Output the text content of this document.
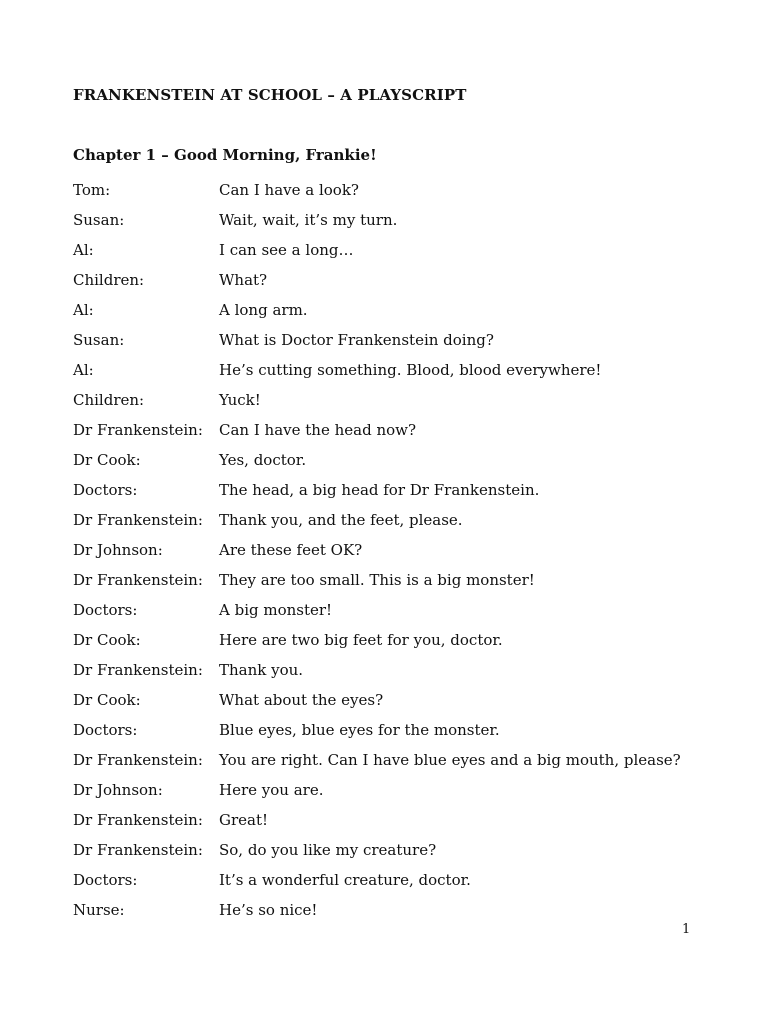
FRANKENSTEIN AT SCHOOL – A PLAYSCRIPT
Chapter 1 – Good Morning, Frankie!
Tom:	Can I have a look?
Susan:	Wait, wait, it’s my turn.
Al:	I can see a long…
Children:	What?
Al:	A long arm.
Susan:	What is Doctor Frankenstein doing?
Al:	He’s cutting something. Blood, blood everywhere!
Children:	Yuck!
Dr Frankenstein:	Can I have the head now?
Dr Cook:	Yes, doctor.
Doctors:	The head, a big head for Dr Frankenstein.
Dr Frankenstein:	Thank you, and the feet, please.
Dr Johnson:	Are these feet OK?
Dr Frankenstein:	They are too small. This is a big monster!
Doctors:	A big monster!
Dr Cook:	Here are two big feet for you, doctor.
Dr Frankenstein:	Thank you.
Dr Cook:	What about the eyes?
Doctors:	Blue eyes, blue eyes for the monster.
Dr Frankenstein:	You are right. Can I have blue eyes and a big mouth, please?
Dr Johnson:	Here you are.
Dr Frankenstein:	Great!
Dr Frankenstein:	So, do you like my creature?
Doctors:	It’s a wonderful creature, doctor.
Nurse:	He’s so nice!
1
